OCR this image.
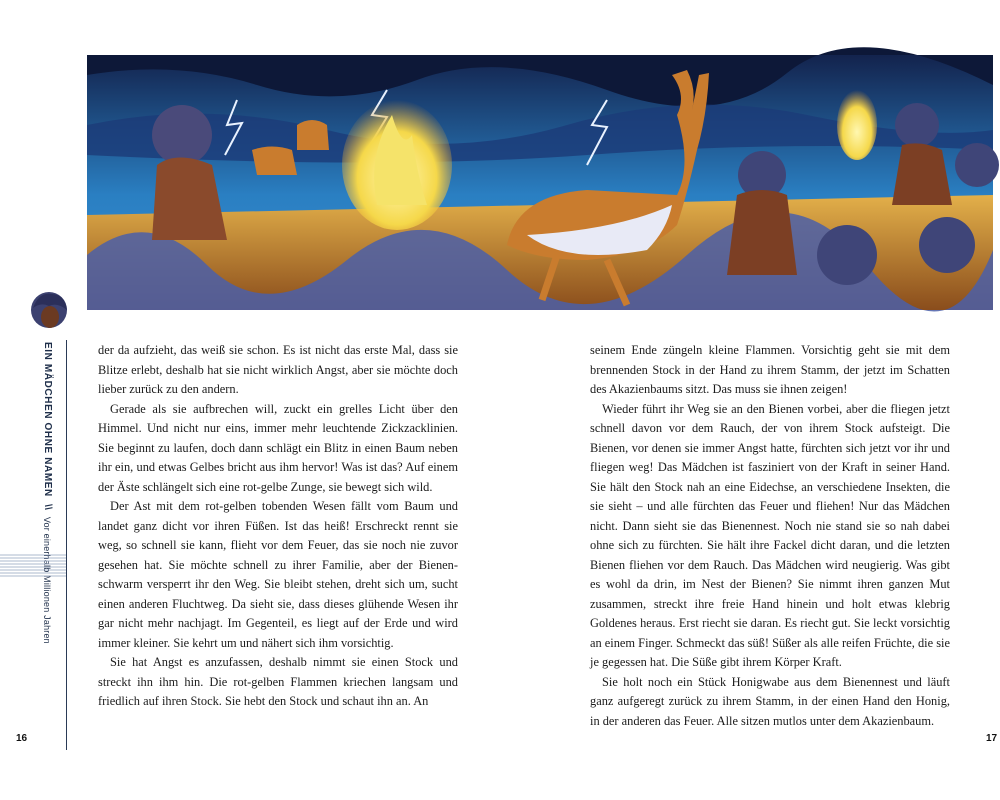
EIN MÄDCHEN OHNE NAMEN \\ Vor einerhalb Millionen Jahren

der da aufzieht, das weiß sie schon. Es ist nicht das erste Mal, dass sie Blitze erlebt, deshalb hat sie nicht wirklich Angst, aber sie möchte doch lieber zurück zu den andern.

Gerade als sie aufbrechen will, zuckt ein grelles Licht über den Himmel. Und nicht nur eins, immer mehr leuchtende Zickzacklinien. Sie beginnt zu laufen, doch dann schlägt ein Blitz in einen Baum neben ihr ein, und etwas Gelbes bricht aus ihm hervor! Was ist das? Auf einem der Äste schlängelt sich eine rot-gelbe Zunge, sie bewegt sich wild.

Der Ast mit dem rot-gelben tobenden Wesen fällt vom Baum und landet ganz dicht vor ihren Füßen. Ist das heiß! Erschreckt rennt sie weg, so schnell sie kann, flieht vor dem Feuer, das sie noch nie zuvor gesehen hat. Sie möchte schnell zu ihrer Familie, aber der Bienenschwarm versperrt ihr den Weg. Sie bleibt stehen, dreht sich um, sucht einen anderen Fluchtweg. Da sieht sie, dass dieses glühende Wesen ihr gar nicht mehr nachjagt. Im Gegenteil, es liegt auf der Erde und wird immer kleiner. Sie kehrt um und nähert sich ihm vorsichtig.

Sie hat Angst es anzufassen, deshalb nimmt sie einen Stock und streckt ihn ihm hin. Die rot-gelben Flammen kriechen langsam und friedlich auf ihren Stock. Sie hebt den Stock und schaut ihn an. An

seinem Ende züngeln kleine Flammen. Vorsichtig geht sie mit dem brennenden Stock in der Hand zu ihrem Stamm, der jetzt im Schatten des Akazienbaums sitzt. Das muss sie ihnen zeigen!

Wieder führt ihr Weg sie an den Bienen vorbei, aber die fliegen jetzt schnell davon vor dem Rauch, der von ihrem Stock aufsteigt. Die Bienen, vor denen sie immer Angst hatte, fürchten sich jetzt vor ihr und fliegen weg! Das Mädchen ist fasziniert von der Kraft in seiner Hand. Sie hält den Stock nah an eine Eidechse, an verschiedene Insekten, die sie sieht – und alle fürchten das Feuer und fliehen! Nur das Mädchen nicht. Dann sieht sie das Bienennest. Noch nie stand sie so nah dabei ohne sich zu fürchten. Sie hält ihre Fackel dicht daran, und die letzten Bienen fliehen vor dem Rauch. Das Mädchen wird neugierig. Was gibt es wohl da drin, im Nest der Bienen? Sie nimmt ihren ganzen Mut zusammen, streckt ihre freie Hand hinein und holt etwas klebrig Goldenes heraus. Erst riecht sie daran. Es riecht gut. Sie leckt vorsichtig an einem Finger. Schmeckt das süß! Süßer als alle reifen Früchte, die sie je gegessen hat. Die Süße gibt ihrem Körper Kraft.

Sie holt noch ein Stück Honigwabe aus dem Bienennest und läuft ganz aufgeregt zurück zu ihrem Stamm, in der einen Hand den Honig, in der anderen das Feuer. Alle sitzen mutlos unter dem Akazienbaum.

16	17
